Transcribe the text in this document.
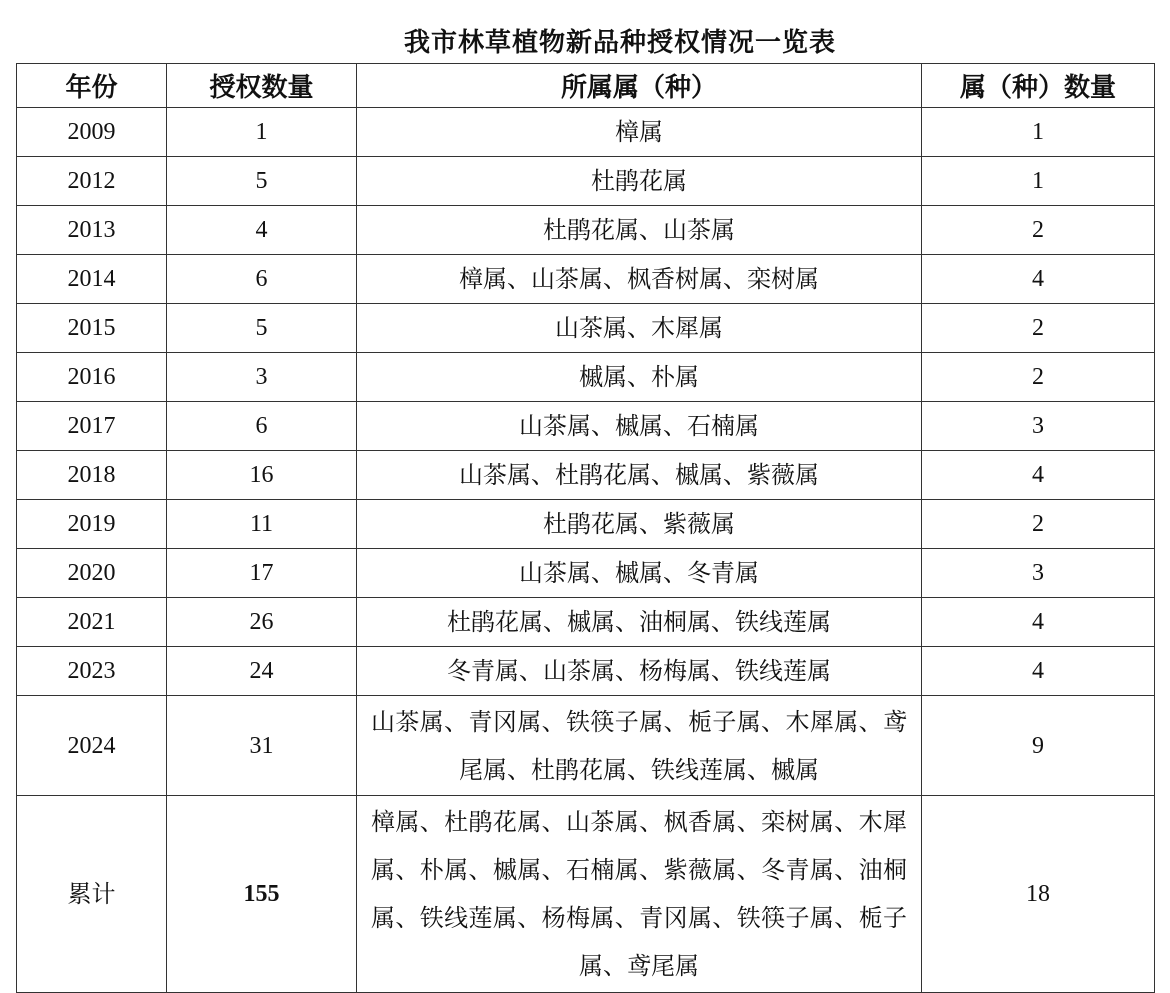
我市林草植物新品种授权情况一览表
年份	授权数量	所属属（种）	属（种）数量
2009	1	樟属	1
2012	5	杜鹃花属	1
2013	4	杜鹃花属、山茶属	2
2014	6	樟属、山茶属、枫香树属、栾树属	4
2015	5	山茶属、木犀属	2
2016	3	槭属、朴属	2
2017	6	山茶属、槭属、石楠属	3
2018	16	山茶属、杜鹃花属、槭属、紫薇属	4
2019	11	杜鹃花属、紫薇属	2
2020	17	山茶属、槭属、冬青属	3
2021	26	杜鹃花属、槭属、油桐属、铁线莲属	4
2023	24	冬青属、山茶属、杨梅属、铁线莲属	4
2024	31	山茶属、青冈属、铁筷子属、栀子属、木犀属、鸢尾属、杜鹃花属、铁线莲属、槭属	9
累计	155	樟属、杜鹃花属、山茶属、枫香属、栾树属、木犀属、朴属、槭属、石楠属、紫薇属、冬青属、油桐属、铁线莲属、杨梅属、青冈属、铁筷子属、栀子属、鸢尾属	18
